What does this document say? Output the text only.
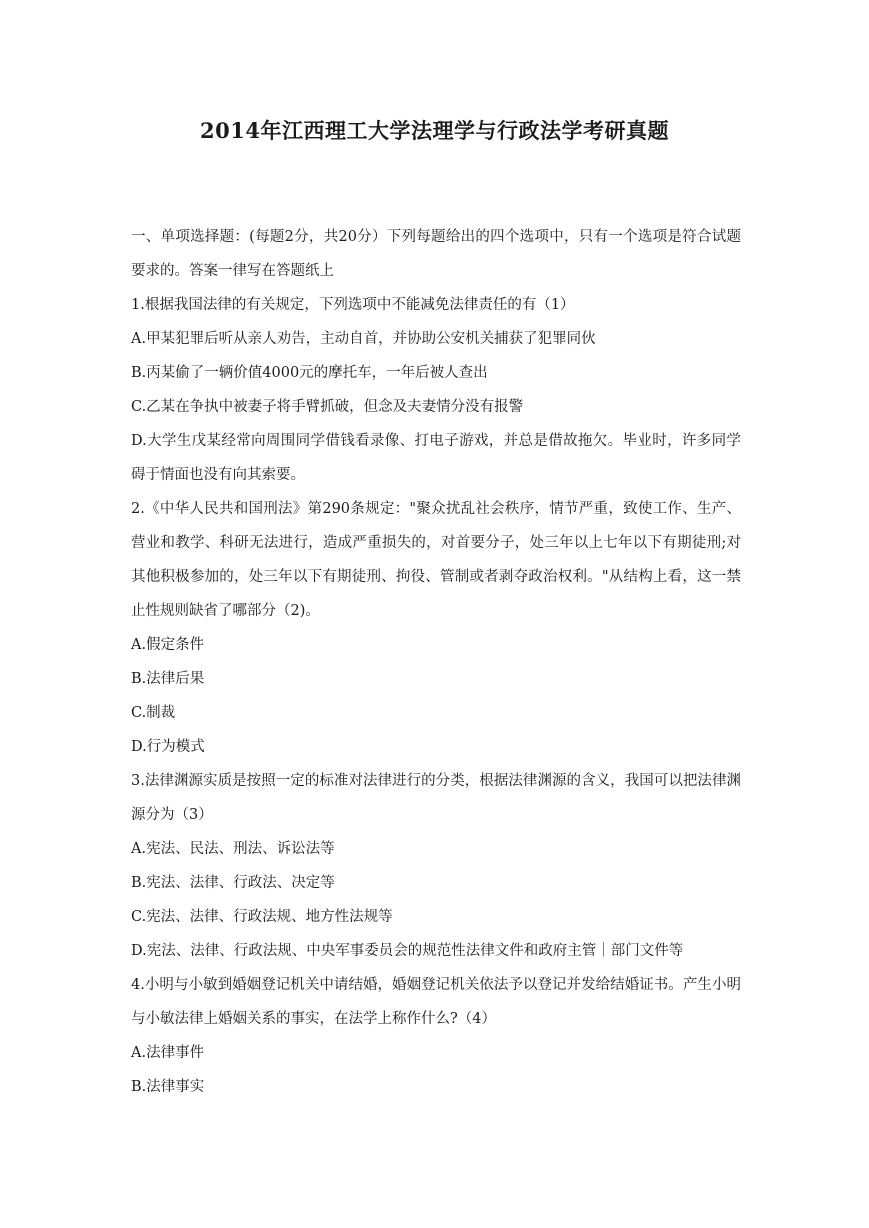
2014年江西理工大学法理学与行政法学考研真题

一、单项选择题：(每题2分，共20分）下列每题给出的四个选项中，只有一个选项是符合试题要求的。答案一律写在答题纸上

1.根据我国法律的有关规定，下列选项中不能减免法律责任的有（1）

A.甲某犯罪后听从亲人劝告，主动自首，并协助公安机关捕获了犯罪同伙

B.丙某偷了一辆价值4000元的摩托车，一年后被人查出

C.乙某在争执中被妻子将手臂抓破，但念及夫妻情分没有报警

D.大学生戊某经常向周围同学借钱看录像、打电子游戏，并总是借故拖欠。毕业时，许多同学碍于情面也没有向其索要。

2.《中华人民共和国刑法》第290条规定："聚众扰乱社会秩序，情节严重，致使工作、生产、营业和教学、科研无法进行，造成严重损失的，对首要分子，处三年以上七年以下有期徒刑;对其他积极参加的，处三年以下有期徒刑、拘役、管制或者剥夺政治权利。"从结构上看，这一禁止性规则缺省了哪部分（2)。

A.假定条件

B.法律后果

C.制裁

D.行为模式

3.法律渊源实质是按照一定的标准对法律进行的分类，根据法律渊源的含义，我国可以把法律渊源分为（3）

A.宪法、民法、刑法、诉讼法等

B.宪法、法律、行政法、决定等

C.宪法、法律、行政法规、地方性法规等

D.宪法、法律、行政法规、中央军事委员会的规范性法律文件和政府主管｜部门文件等

4.小明与小敏到婚姻登记机关中请结婚，婚姻登记机关依法予以登记并发给结婚证书。产生小明与小敏法律上婚姻关系的事实，在法学上称作什么?（4）

A.法律事件

B.法律事实
